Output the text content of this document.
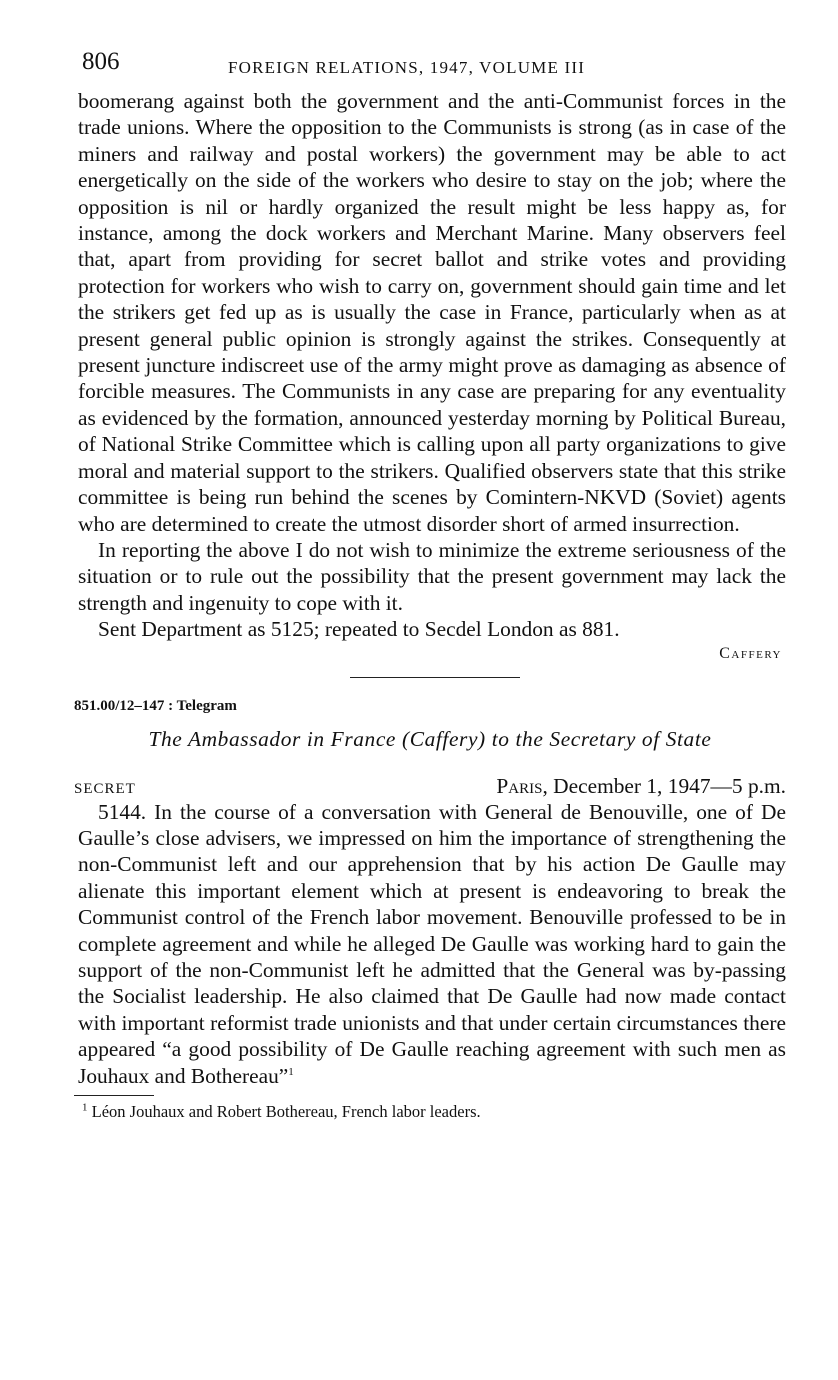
806	FOREIGN RELATIONS, 1947, VOLUME III

boomerang against both the government and the anti-Communist forces in the trade unions. Where the opposition to the Communists is strong (as in case of the miners and railway and postal workers) the government may be able to act energetically on the side of the workers who desire to stay on the job; where the opposition is nil or hardly organized the result might be less happy as, for instance, among the dock workers and Merchant Marine. Many observers feel that, apart from providing for secret ballot and strike votes and providing protection for workers who wish to carry on, government should gain time and let the strikers get fed up as is usually the case in France, particularly when as at present general public opinion is strongly against the strikes. Consequently at present juncture indiscreet use of the army might prove as damaging as absence of forcible measures. The Communists in any case are preparing for any eventuality as evidenced by the formation, announced yesterday morning by Political Bureau, of National Strike Committee which is calling upon all party organizations to give moral and material support to the strikers. Qualified observers state that this strike committee is being run behind the scenes by Comintern-NKVD (Soviet) agents who are determined to create the utmost disorder short of armed insurrection.

In reporting the above I do not wish to minimize the extreme seriousness of the situation or to rule out the possibility that the present government may lack the strength and ingenuity to cope with it.

Sent Department as 5125; repeated to Secdel London as 881.

Caffery
851.00/12–147 : Telegram
The Ambassador in France (Caffery) to the Secretary of State
SECRET	Paris, December 1, 1947—5 p.m.

5144. In the course of a conversation with General de Benouville, one of De Gaulle’s close advisers, we impressed on him the importance of strengthening the non-Communist left and our apprehension that by his action De Gaulle may alienate this important element which at present is endeavoring to break the Communist control of the French labor movement. Benouville professed to be in complete agreement and while he alleged De Gaulle was working hard to gain the support of the non-Communist left he admitted that the General was by-passing the Socialist leadership. He also claimed that De Gaulle had now made contact with important reformist trade unionists and that under certain circumstances there appeared “a good possibility of De Gaulle reaching agreement with such men as Jouhaux and Bothereau”$^1$

$^1$ Léon Jouhaux and Robert Bothereau, French labor leaders.
